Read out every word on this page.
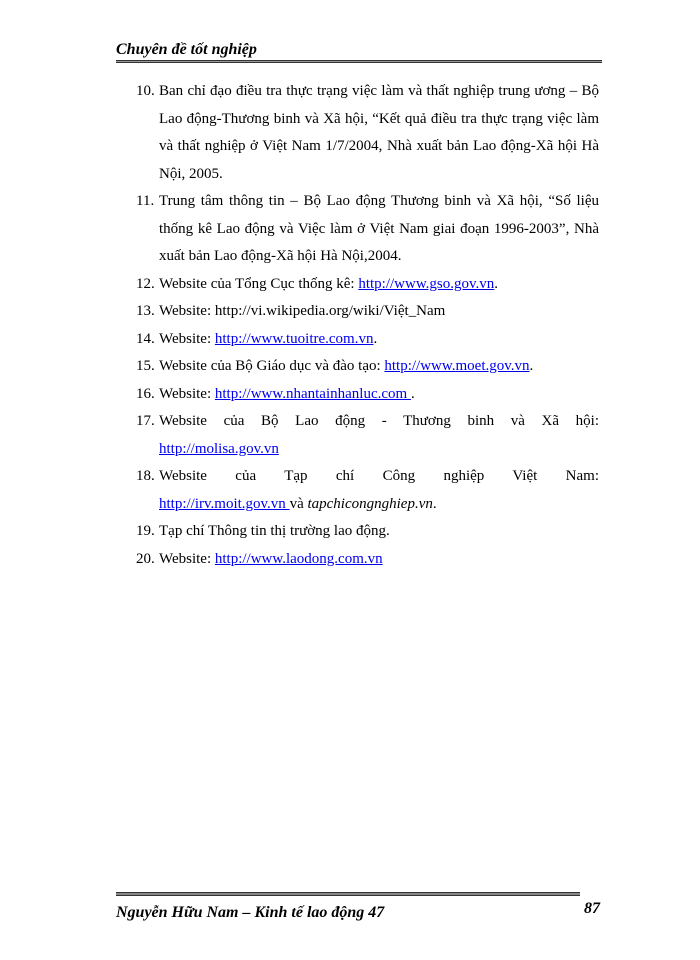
Chuyên đề tốt nghiệp
10. Ban chỉ đạo điều tra thực trạng việc làm và thất nghiệp trung ương – Bộ Lao động-Thương binh và Xã hội, “Kết quả điều tra thực trạng việc làm và thất nghiệp ở Việt Nam 1/7/2004, Nhà xuất bản Lao động-Xã hội Hà Nội, 2005.
11. Trung tâm thông tin – Bộ Lao động Thương binh và Xã hội, “Số liệu thống kê Lao động và Việc làm ở Việt Nam giai đoạn 1996-2003”, Nhà xuất bản Lao động-Xã hội Hà Nội,2004.
12. Website của Tổng Cục thống kê: http://www.gso.gov.vn.
13. Website: http://vi.wikipedia.org/wiki/Việt_Nam
14. Website: http://www.tuoitre.com.vn.
15. Website của Bộ Giáo dục và đào tạo: http://www.moet.gov.vn.
16. Website: http://www.nhantainhanluc.com .
17. Website của Bộ Lao động - Thương binh và Xã hội:
http://molisa.gov.vn
18. Website của Tạp chí Công nghiệp Việt Nam:
http://irv.moit.gov.vn và tapchicongnghiep.vn.
19. Tạp chí Thông tin thị trường lao động.
20. Website: http://www.laodong.com.vn
Nguyễn Hữu Nam – Kinh tế lao động 47	87
